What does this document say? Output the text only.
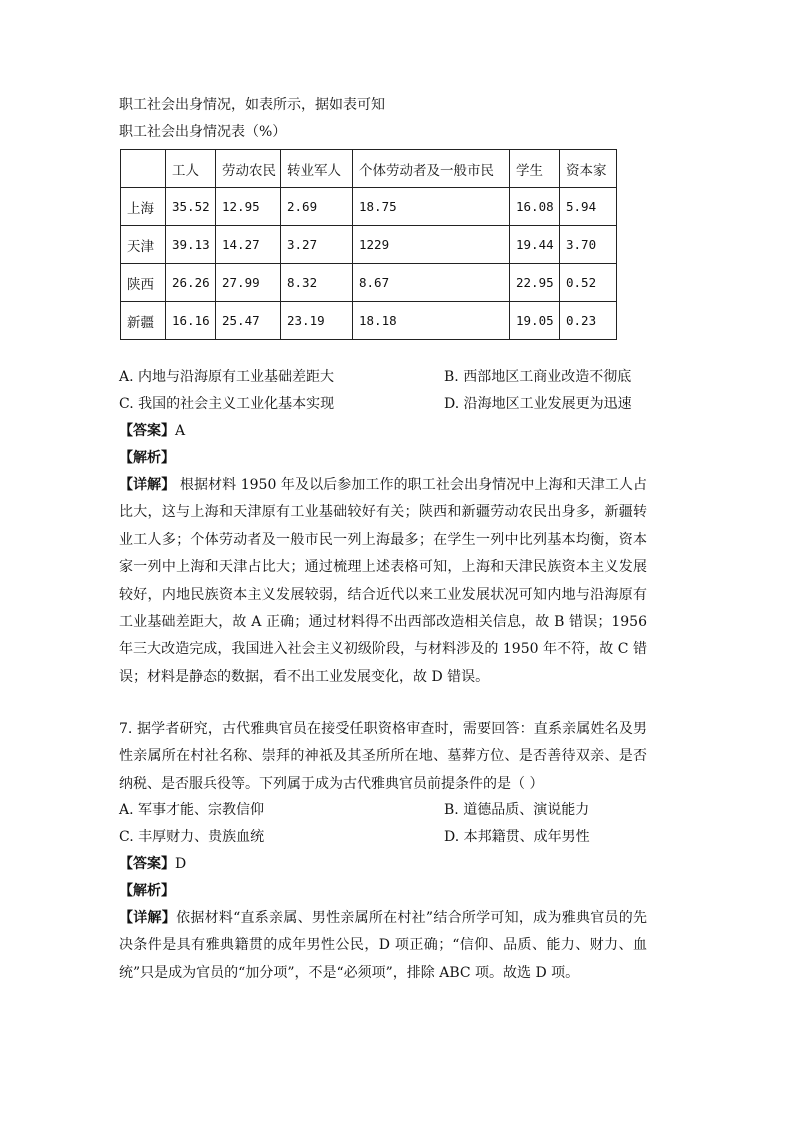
职工社会出身情况，如表所示，据如表可知
职工社会出身情况表（%）
	工人	劳动农民	转业军人	个体劳动者及一般市民	学生	资本家
上海	35.52	12.95	2.69	18.75	16.08	5.94
天津	39.13	14.27	3.27	1229	19.44	3.70
陕西	26.26	27.99	8.32	8.67	22.95	0.52
新疆	16.16	25.47	23.19	18.18	19.05	0.23
A. 内地与沿海原有工业基础差距大	B. 西部地区工商业改造不彻底
C. 我国的社会主义工业化基本实现	D. 沿海地区工业发展更为迅速
【答案】A
【解析】
【详解】 根据材料 1950 年及以后参加工作的职工社会出身情况中上海和天津工人占比大，这与上海和天津原有工业基础较好有关；陕西和新疆劳动农民出身多，新疆转业工人多；个体劳动者及一般市民一列上海最多；在学生一列中比列基本均衡，资本家一列中上海和天津占比大；通过梳理上述表格可知，上海和天津民族资本主义发展较好，内地民族资本主义发展较弱，结合近代以来工业发展状况可知内地与沿海原有工业基础差距大，故 A 正确；通过材料得不出西部改造相关信息，故 B 错误；1956 年三大改造完成，我国进入社会主义初级阶段，与材料涉及的 1950 年不符，故 C 错误；材料是静态的数据，看不出工业发展变化，故 D 错误。
7. 据学者研究，古代雅典官员在接受任职资格审查时，需要回答：直系亲属姓名及男性亲属所在村社名称、崇拜的神祇及其圣所所在地、墓葬方位、是否善待双亲、是否纳税、是否服兵役等。下列属于成为古代雅典官员前提条件的是（ ）
A. 军事才能、宗教信仰	B. 道德品质、演说能力
C. 丰厚财力、贵族血统	D. 本邦籍贯、成年男性
【答案】D
【解析】
【详解】依据材料“直系亲属、男性亲属所在村社”结合所学可知，成为雅典官员的先决条件是具有雅典籍贯的成年男性公民，D 项正确；“信仰、品质、能力、财力、血统”只是成为官员的“加分项”，不是“必须项”，排除 ABC 项。故选 D 项。
